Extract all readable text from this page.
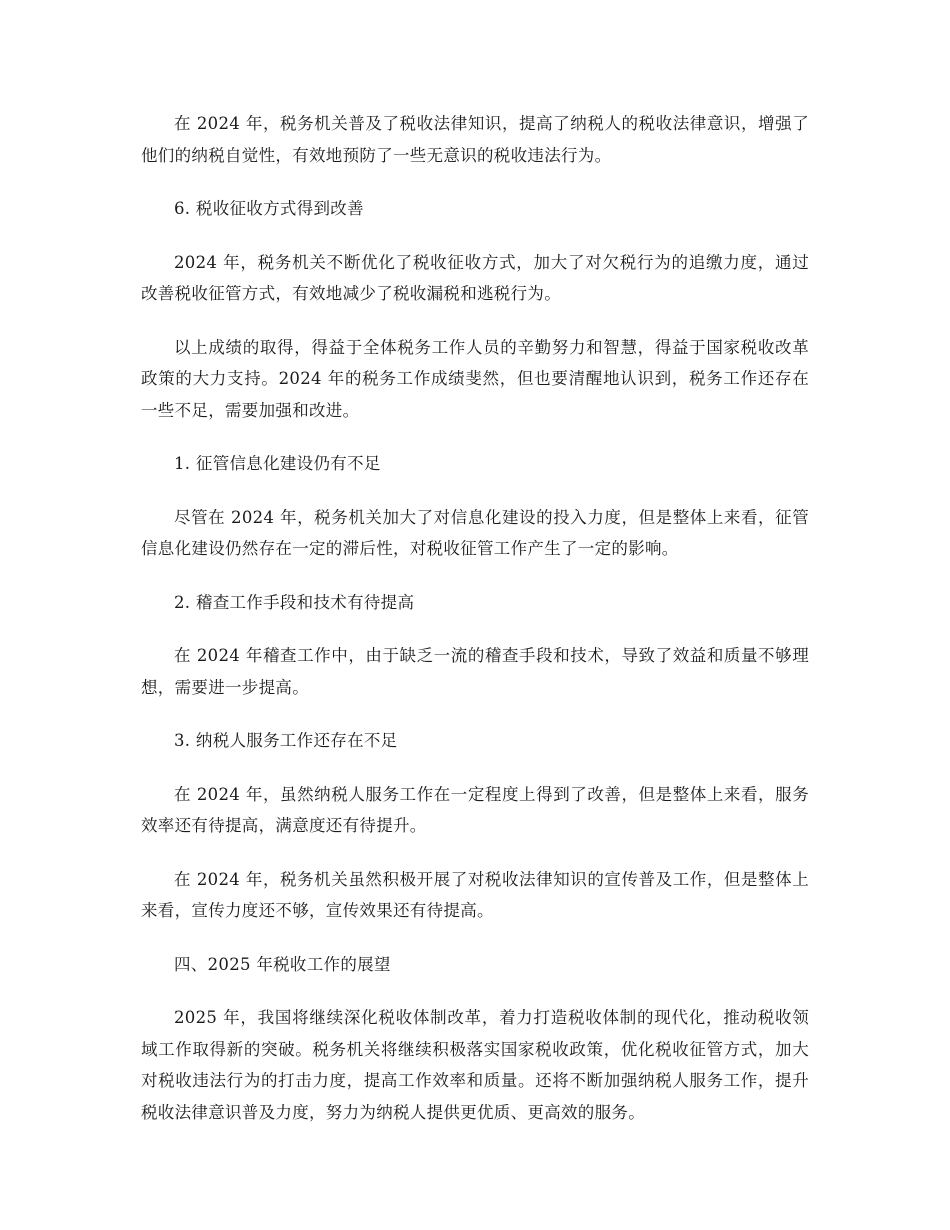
在 2024 年，税务机关普及了税收法律知识，提高了纳税人的税收法律意识，增强了他们的纳税自觉性，有效地预防了一些无意识的税收违法行为。

6. 税收征收方式得到改善

2024 年，税务机关不断优化了税收征收方式，加大了对欠税行为的追缴力度，通过改善税收征管方式，有效地减少了税收漏税和逃税行为。

以上成绩的取得，得益于全体税务工作人员的辛勤努力和智慧，得益于国家税收改革政策的大力支持。2024 年的税务工作成绩斐然，但也要清醒地认识到，税务工作还存在一些不足，需要加强和改进。

1. 征管信息化建设仍有不足

尽管在 2024 年，税务机关加大了对信息化建设的投入力度，但是整体上来看，征管信息化建设仍然存在一定的滞后性，对税收征管工作产生了一定的影响。

2. 稽查工作手段和技术有待提高

在 2024 年稽查工作中，由于缺乏一流的稽查手段和技术，导致了效益和质量不够理想，需要进一步提高。

3. 纳税人服务工作还存在不足

在 2024 年，虽然纳税人服务工作在一定程度上得到了改善，但是整体上来看，服务效率还有待提高，满意度还有待提升。

在 2024 年，税务机关虽然积极开展了对税收法律知识的宣传普及工作，但是整体上来看，宣传力度还不够，宣传效果还有待提高。

四、2025 年税收工作的展望

2025 年，我国将继续深化税收体制改革，着力打造税收体制的现代化，推动税收领域工作取得新的突破。税务机关将继续积极落实国家税收政策，优化税收征管方式，加大对税收违法行为的打击力度，提高工作效率和质量。还将不断加强纳税人服务工作，提升税收法律意识普及力度，努力为纳税人提供更优质、更高效的服务。
